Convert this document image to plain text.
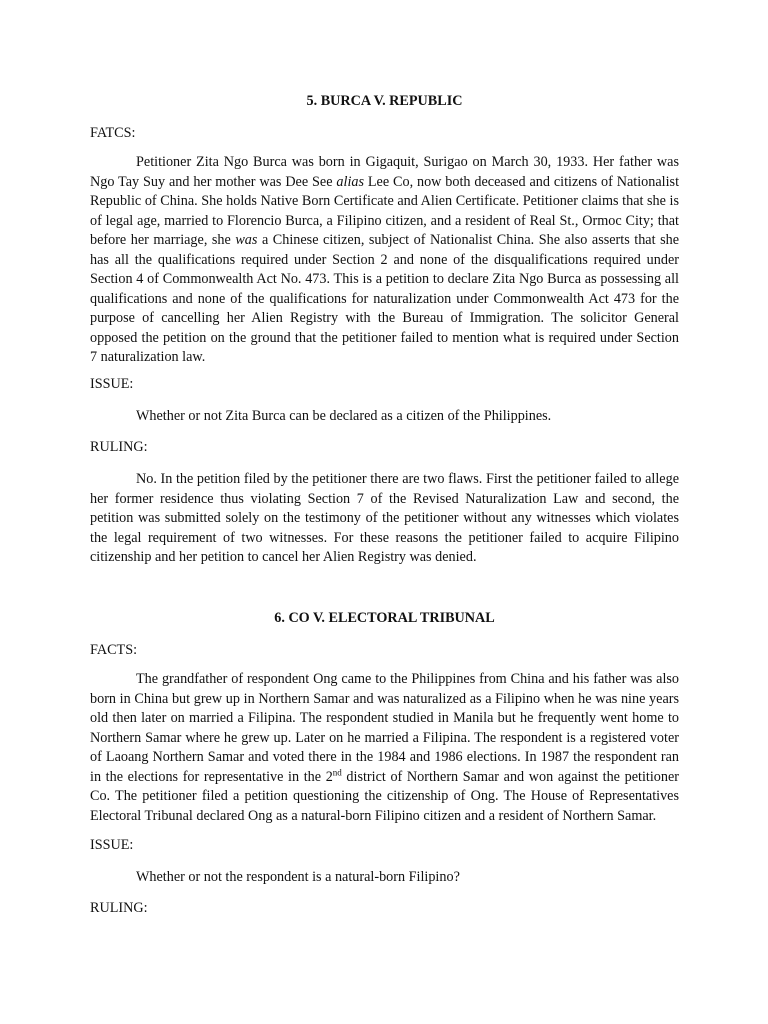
5. BURCA V. REPUBLIC
FATCS:

Petitioner Zita Ngo Burca was born in Gigaquit, Surigao on March 30, 1933. Her father was Ngo Tay Suy and her mother was Dee See alias Lee Co, now both deceased and citizens of Nationalist Republic of China. She holds Native Born Certificate and Alien Certificate. Petitioner claims that she is of legal age, married to Florencio Burca, a Filipino citizen, and a resident of Real St., Ormoc City; that before her marriage, she was a Chinese citizen, subject of Nationalist China. She also asserts that she has all the qualifications required under Section 2 and none of the disqualifications required under Section 4 of Commonwealth Act No. 473. This is a petition to declare Zita Ngo Burca as possessing all qualifications and none of the qualifications for naturalization under Commonwealth Act 473 for the purpose of cancelling her Alien Registry with the Bureau of Immigration. The solicitor General opposed the petition on the ground that the petitioner failed to mention what is required under Section 7 naturalization law.

ISSUE:
Whether or not Zita Burca can be declared as a citizen of the Philippines.
RULING:

No. In the petition filed by the petitioner there are two flaws. First the petitioner failed to allege her former residence thus violating Section 7 of the Revised Naturalization Law and second, the petition was submitted solely on the testimony of the petitioner without any witnesses which violates the legal requirement of two witnesses. For these reasons the petitioner failed to acquire Filipino citizenship and her petition to cancel her Alien Registry was denied.

6. CO V. ELECTORAL TRIBUNAL
FACTS:

The grandfather of respondent Ong came to the Philippines from China and his father was also born in China but grew up in Northern Samar and was naturalized as a Filipino when he was nine years old then later on married a Filipina. The respondent studied in Manila but he frequently went home to Northern Samar where he grew up. Later on he married a Filipina. The respondent is a registered voter of Laoang Northern Samar and voted there in the 1984 and 1986 elections. In 1987 the respondent ran in the elections for representative in the 2nd district of Northern Samar and won against the petitioner Co. The petitioner filed a petition questioning the citizenship of Ong. The House of Representatives Electoral Tribunal declared Ong as a natural-born Filipino citizen and a resident of Northern Samar.

ISSUE:
Whether or not the respondent is a natural-born Filipino?
RULING:
